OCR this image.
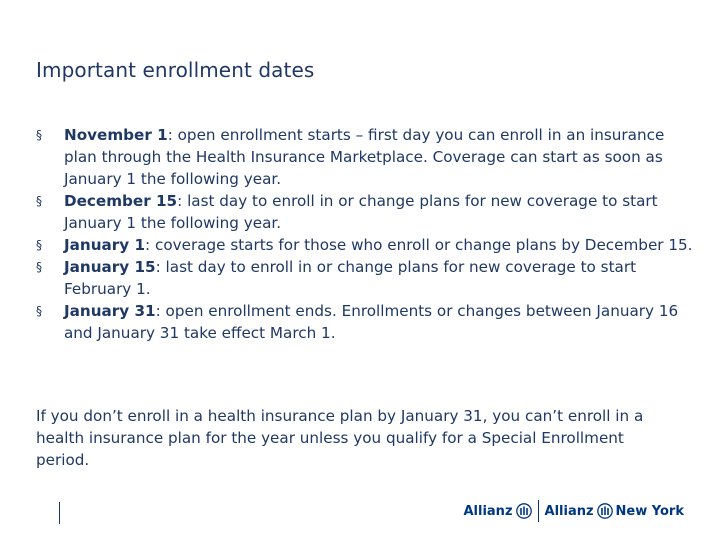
Important enrollment dates
§ November 1: open enrollment starts – first day you can enroll in an insurance plan through the Health Insurance Marketplace. Coverage can start as soon as January 1 the following year.
§ December 15: last day to enroll in or change plans for new coverage to start January 1 the following year.
§ January 1: coverage starts for those who enroll or change plans by December 15.
§ January 15: last day to enroll in or change plans for new coverage to start February 1.
§ January 31: open enrollment ends. Enrollments or changes between January 16 and January 31 take effect March 1.

If you don’t enroll in a health insurance plan by January 31, you can’t enroll in a health insurance plan for the year unless you qualify for a Special Enrollment period.

Allianz Allianz New York
